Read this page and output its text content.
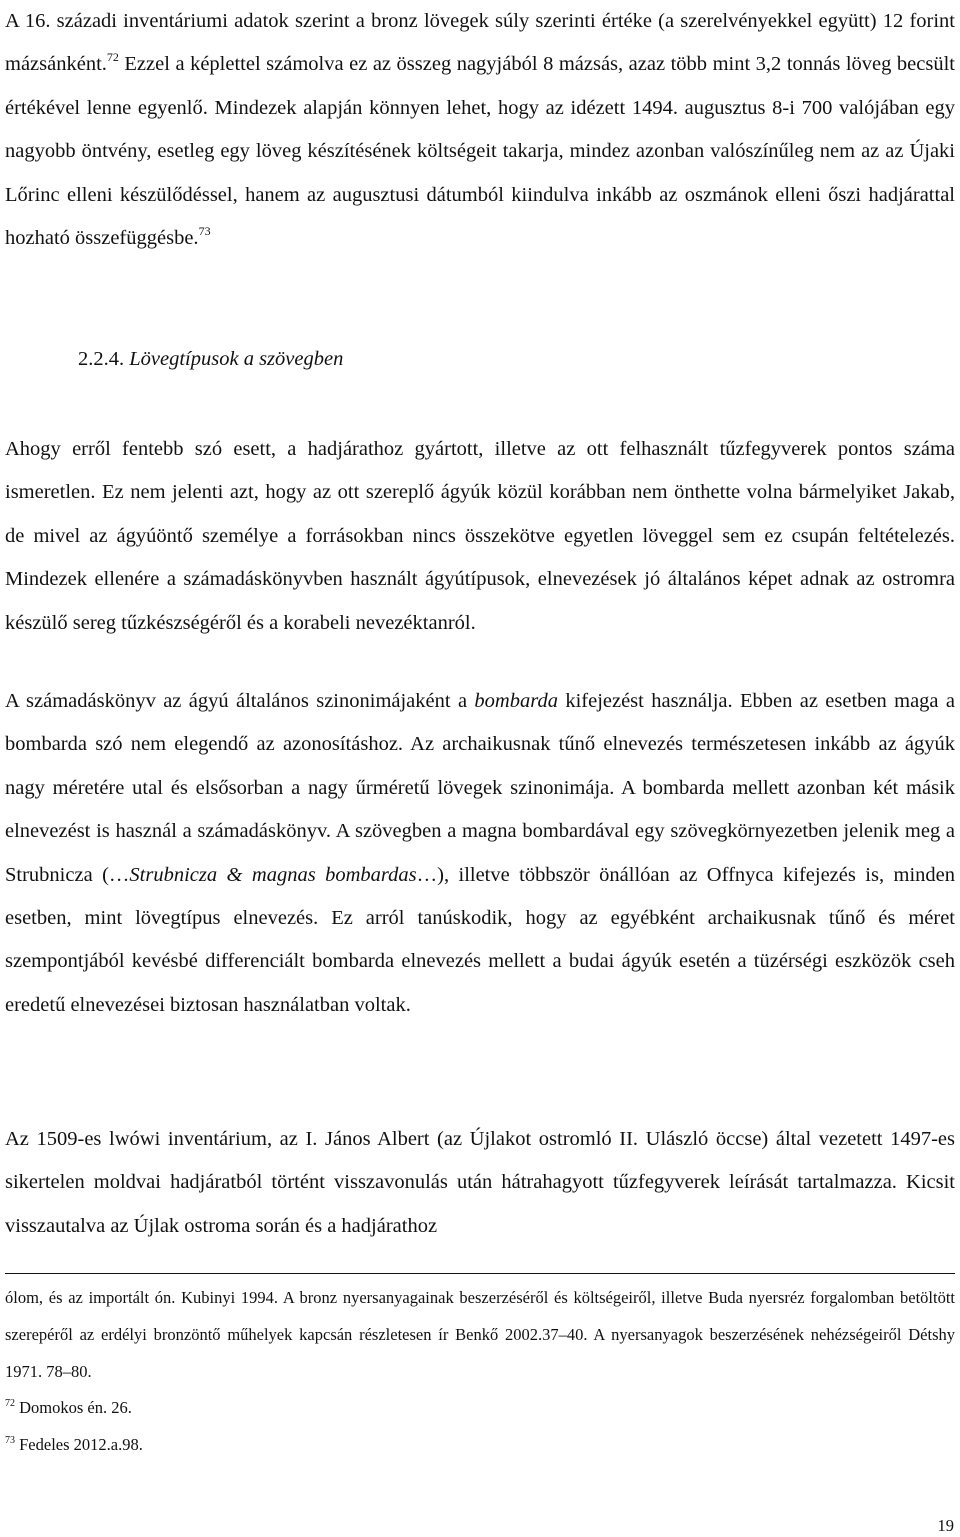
A 16. századi inventáriumi adatok szerint a bronz lövegek súly szerinti értéke (a szerelvényekkel együtt) 12 forint mázsánként.$^{72}$ Ezzel a képlettel számolva ez az összeg nagyjából 8 mázsás, azaz több mint 3,2 tonnás löveg becsült értékével lenne egyenlő. Mindezek alapján könnyen lehet, hogy az idézett 1494. augusztus 8-i 700 valójában egy nagyobb öntvény, esetleg egy löveg készítésének költségeit takarja, mindez azonban valószínűleg nem az az Újaki Lőrinc elleni készülődéssel, hanem az augusztusi dátumból kiindulva inkább az oszmánok elleni őszi hadjárattal hozható összefüggésbe.$^{73}$

2.2.4. Lövegtípusok a szövegben

Ahogy erről fentebb szó esett, a hadjárathoz gyártott, illetve az ott felhasznált tűzfegyverek pontos száma ismeretlen. Ez nem jelenti azt, hogy az ott szereplő ágyúk közül korábban nem önthette volna bármelyiket Jakab, de mivel az ágyúöntő személye a forrásokban nincs összekötve egyetlen löveggel sem ez csupán feltételezés. Mindezek ellenére a számadáskönyvben használt ágyútípusok, elnevezések jó általános képet adnak az ostromra készülő sereg tűzkészségéről és a korabeli nevezéktanról.

A számadáskönyv az ágyú általános szinonimájaként a bombarda kifejezést használja. Ebben az esetben maga a bombarda szó nem elegendő az azonosításhoz. Az archaikusnak tűnő elnevezés természetesen inkább az ágyúk nagy méretére utal és elsősorban a nagy űrméretű lövegek szinonimája. A bombarda mellett azonban két másik elnevezést is használ a számadáskönyv. A szövegben a magna bombardával egy szövegkörnyezetben jelenik meg a Strubnicza (…Strubnicza & magnas bombardas…), illetve többször önállóan az Offnyca kifejezés is, minden esetben, mint lövegtípus elnevezés. Ez arról tanúskodik, hogy az egyébként archaikusnak tűnő és méret szempontjából kevésbé differenciált bombarda elnevezés mellett a budai ágyúk esetén a tüzérségi eszközök cseh eredetű elnevezései biztosan használatban voltak.

Az 1509-es lwówi inventárium, az I. János Albert (az Újlakot ostromló II. Ulászló öccse) által vezetett 1497-es sikertelen moldvai hadjáratból történt visszavonulás után hátrahagyott tűzfegyverek leírását tartalmazza. Kicsit visszautalva az Újlak ostroma során és a hadjárathoz

ólom, és az importált ón. Kubinyi 1994. A bronz nyersanyagainak beszerzéséről és költségeiről, illetve Buda nyersréz forgalomban betöltött szerepéről az erdélyi bronzöntő műhelyek kapcsán részletesen ír Benkő 2002.37–40. A nyersanyagok beszerzésének nehézségeiről Détshy 1971. 78–80.
$^{72}$ Domokos én. 26.
$^{73}$ Fedeles 2012.a.98.
19
